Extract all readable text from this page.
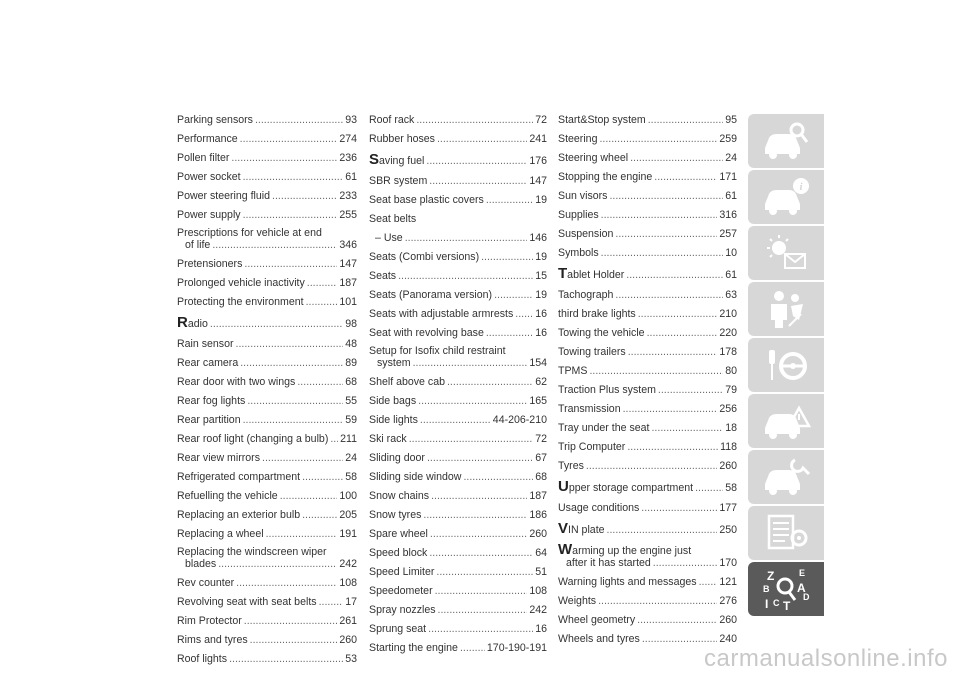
Parking sensors .....	93
Performance .....	274
Pollen filter .....	236
Power socket .....	61
Power steering fluid .....	233
Power supply .....	255
Prescriptions for vehicle at end
of life .....	346
Pretensioners .....	147
Prolonged vehicle inactivity .....	187
Protecting the environment .....	101
R adio .....	98
Rain sensor .....	48
Rear camera .....	89
Rear door with two wings .....	68
Rear fog lights .....	55
Rear partition .....	59
Rear roof light (changing a bulb) ..... 211
Rear view mirrors .....	24
Refrigerated compartment .....	58
Refuelling the vehicle .....	100
Replacing an exterior bulb .....	205
Replacing a wheel .....	191
Replacing the windscreen wiper
blades .....	242
Rev counter .....	108
Revolving seat with seat belts .....	17
Rim Protector .....	261
Rims and tyres .....	260
Roof lights .....	53
Roof rack .....	72
Rubber hoses .....	241
S aving fuel .....	176
SBR system .....	147
Seat base plastic covers .....	19
Seat belts
– Use .....	146
Seats (Combi versions) .....	19
Seats .....	15
Seats (Panorama version) .....	19
Seats with adjustable armrests ..... 16
Seat with revolving base .....	16
Setup for Isofix child restraint
system .....	154
Shelf above cab .....	62
Side bags .....	165
Side lights .....	44-206-210
Ski rack .....	72
Sliding door .....	67
Sliding side window .....	68
Snow chains .....	187
Snow tyres .....	186
Spare wheel .....	260
Speed block .....	64
Speed Limiter .....	51
Speedometer .....	108
Spray nozzles .....	242
Sprung seat .....	16
Starting the engine .....	170-190-191
Start&Stop system .....	95
Steering .....	259
Steering wheel .....	24
Stopping the engine .....	171
Sun visors .....	61
Supplies .....	316
Suspension .....	257
Symbols .....	10
T ablet Holder .....	61
Tachograph .....	63
third brake lights .....	210
Towing the vehicle .....	220
Towing trailers .....	178
TPMS .....	80
Traction Plus system .....	79
Transmission .....	256
Tray under the seat .....	18
Trip Computer .....	118
Tyres .....	260
U pper storage compartment .....	58
Usage conditions .....	177
V IN plate .....	250
Warming up the engine just
after it has started .....	170
Warning lights and messages ..... 121
Weights .....	276
Wheel geometry .....	260
Wheels and tyres .....	240
i
Z	E
B A
C
D
I T
carmanualsonline.info
